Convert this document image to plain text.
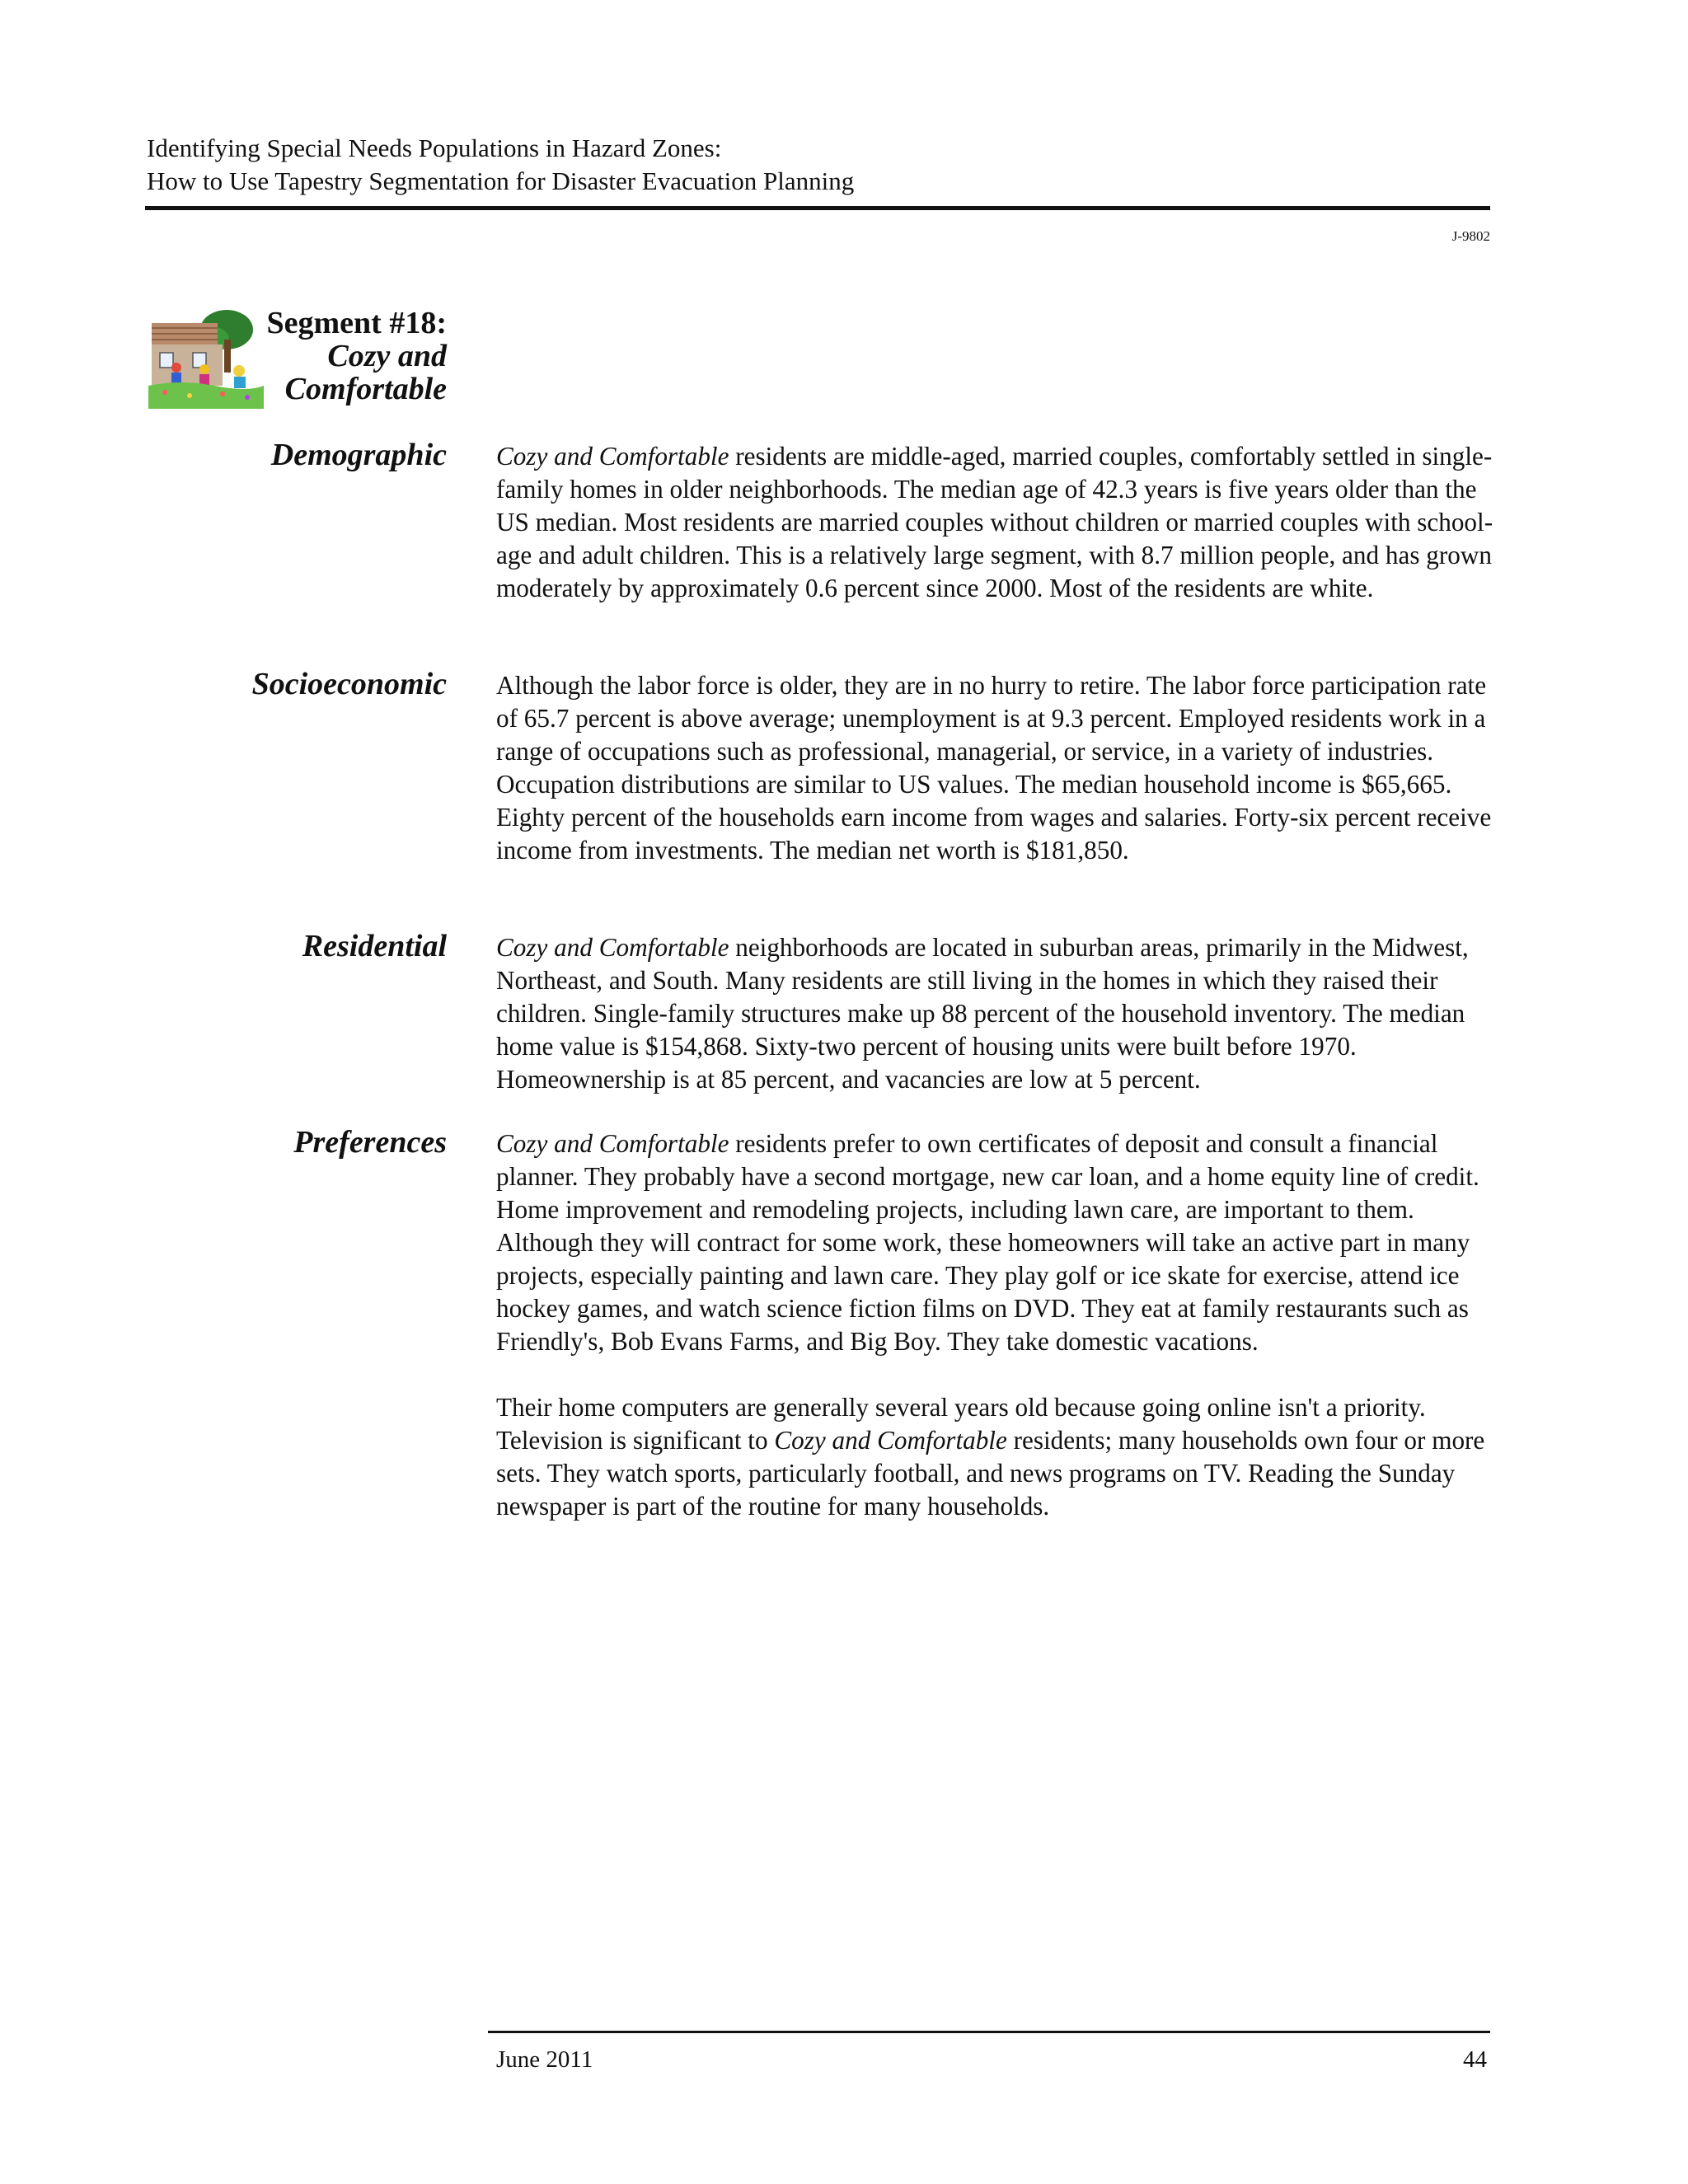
Identifying Special Needs Populations in Hazard Zones:
How to Use Tapestry Segmentation for Disaster Evacuation Planning
J-9802
Segment #18:
Cozy and
Comfortable
Demographic Cozy and Comfortable residents are middle-aged, married couples, comfortably settled in single-family homes in older neighborhoods. The median age of 42.3 years is five years older than the US median. Most residents are married couples without children or married couples with school-age and adult children. This is a relatively large segment, with 8.7 million people, and has grown moderately by approximately 0.6 percent since 2000. Most of the residents are white.

Socioeconomic Although the labor force is older, they are in no hurry to retire. The labor force participation rate of 65.7 percent is above average; unemployment is at 9.3 percent. Employed residents work in a range of occupations such as professional, managerial, or service, in a variety of industries. Occupation distributions are similar to US values. The median household income is $65,665. Eighty percent of the households earn income from wages and salaries. Forty-six percent receive income from investments. The median net worth is $181,850.

Residential Cozy and Comfortable neighborhoods are located in suburban areas, primarily in the Midwest, Northeast, and South. Many residents are still living in the homes in which they raised their children. Single-family structures make up 88 percent of the household inventory. The median home value is $154,868. Sixty-two percent of housing units were built before 1970. Homeownership is at 85 percent, and vacancies are low at 5 percent.

Preferences Cozy and Comfortable residents prefer to own certificates of deposit and consult a financial planner. They probably have a second mortgage, new car loan, and a home equity line of credit. Home improvement and remodeling projects, including lawn care, are important to them. Although they will contract for some work, these homeowners will take an active part in many projects, especially painting and lawn care. They play golf or ice skate for exercise, attend ice hockey games, and watch science fiction films on DVD. They eat at family restaurants such as Friendly's, Bob Evans Farms, and Big Boy. They take domestic vacations.

Their home computers are generally several years old because going online isn't a priority. Television is significant to Cozy and Comfortable residents; many households own four or more sets. They watch sports, particularly football, and news programs on TV. Reading the Sunday newspaper is part of the routine for many households.

June 2011	44
